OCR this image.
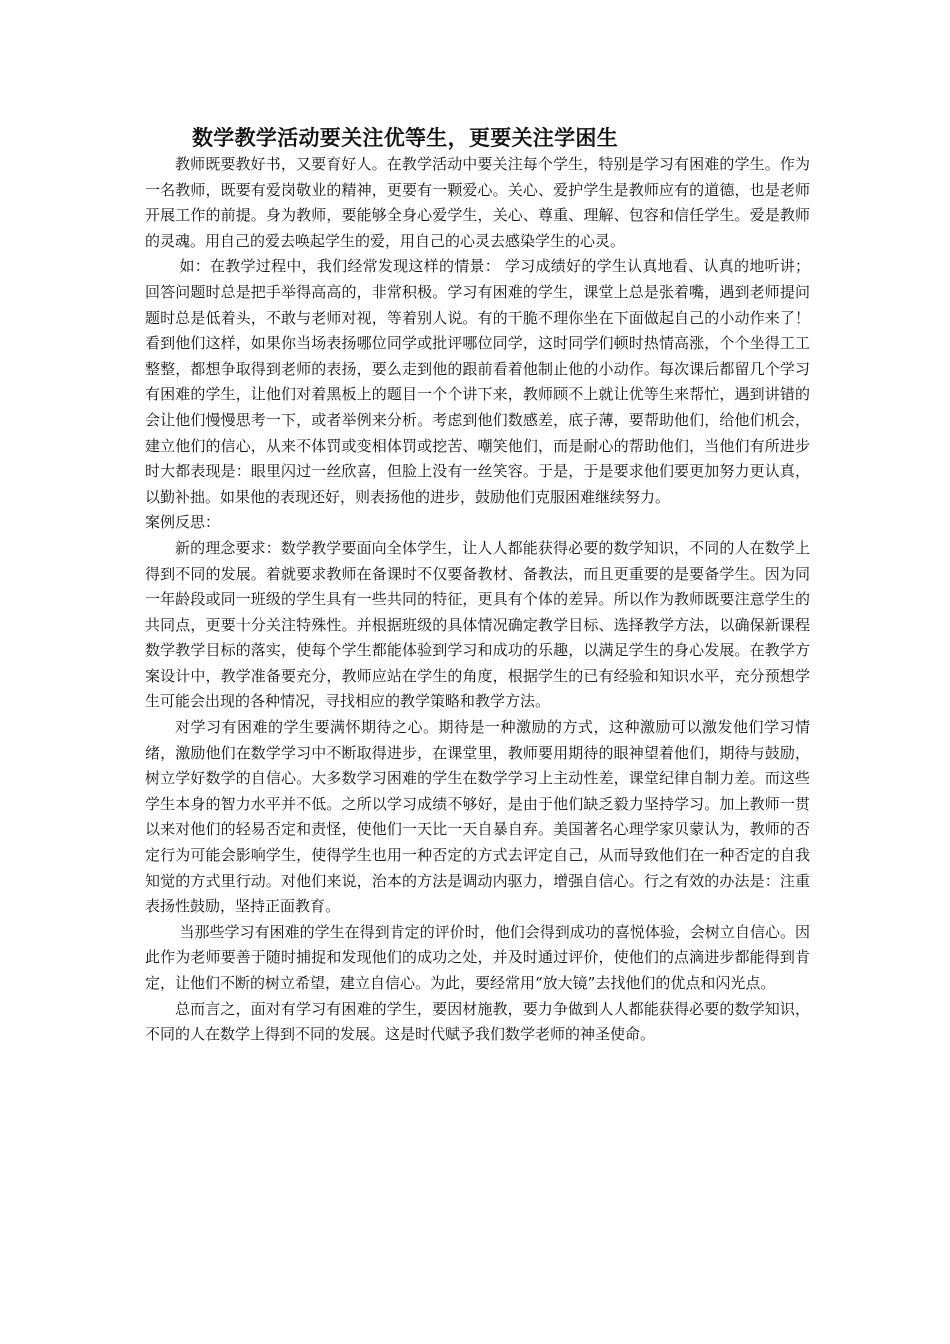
数学教学活动要关注优等生，更要关注学困生

教师既要教好书，又要育好人。在教学活动中要关注每个学生，特别是学习有困难的学生。作为一名教师，既要有爱岗敬业的精神，更要有一颗爱心。关心、爱护学生是教师应有的道德，也是老师开展工作的前提。身为教师，要能够全身心爱学生，关心、尊重、理解、包容和信任学生。爱是教师的灵魂。用自己的爱去唤起学生的爱，用自己的心灵去感染学生的心灵。

如：在教学过程中，我们经常发现这样的情景： 学习成绩好的学生认真地看、认真的地听讲；回答问题时总是把手举得高高的，非常积极。学习有困难的学生，课堂上总是张着嘴，遇到老师提问题时总是低着头，不敢与老师对视，等着别人说。有的干脆不理你坐在下面做起自己的小动作来了！看到他们这样，如果你当场表扬哪位同学或批评哪位同学，这时同学们顿时热情高涨，个个坐得工工整整，都想争取得到老师的表扬，要么走到他的跟前看着他制止他的小动作。每次课后都留几个学习有困难的学生，让他们对着黑板上的题目一个个讲下来，教师顾不上就让优等生来帮忙，遇到讲错的会让他们慢慢思考一下，或者举例来分析。考虑到他们数感差，底子薄，要帮助他们，给他们机会，建立他们的信心，从来不体罚或变相体罚或挖苦、嘲笑他们，而是耐心的帮助他们，当他们有所进步时大都表现是：眼里闪过一丝欣喜，但脸上没有一丝笑容。于是，于是要求他们要更加努力更认真，以勤补拙。如果他的表现还好，则表扬他的进步，鼓励他们克服困难继续努力。

案例反思：

新的理念要求：数学教学要面向全体学生，让人人都能获得必要的数学知识，不同的人在数学上得到不同的发展。着就要求教师在备课时不仅要备教材、备教法，而且更重要的是要备学生。因为同一年龄段或同一班级的学生具有一些共同的特征，更具有个体的差异。所以作为教师既要注意学生的共同点，更要十分关注特殊性。并根据班级的具体情况确定教学目标、选择教学方法，以确保新课程数学教学目标的落实，使每个学生都能体验到学习和成功的乐趣，以满足学生的身心发展。在教学方案设计中，教学准备要充分，教师应站在学生的角度，根据学生的已有经验和知识水平，充分预想学生可能会出现的各种情况，寻找相应的教学策略和教学方法。

对学习有困难的学生要满怀期待之心。期待是一种激励的方式，这种激励可以激发他们学习情绪，激励他们在数学学习中不断取得进步，在课堂里，教师要用期待的眼神望着他们，期待与鼓励，树立学好数学的自信心。大多数学习困难的学生在数学学习上主动性差，课堂纪律自制力差。而这些学生本身的智力水平并不低。之所以学习成绩不够好，是由于他们缺乏毅力坚持学习。加上教师一贯以来对他们的轻易否定和责怪，使他们一天比一天自暴自弃。美国著名心理学家贝蒙认为，教师的否定行为可能会影响学生，使得学生也用一种否定的方式去评定自己，从而导致他们在一种否定的自我知觉的方式里行动。对他们来说，治本的方法是调动内驱力，增强自信心。行之有效的办法是：注重表扬性鼓励，坚持正面教育。

当那些学习有困难的学生在得到肯定的评价时，他们会得到成功的喜悦体验，会树立自信心。因此作为老师要善于随时捕捉和发现他们的成功之处，并及时通过评价，使他们的点滴进步都能得到肯定，让他们不断的树立希望，建立自信心。为此，要经常用“放大镜”去找他们的优点和闪光点。

总而言之，面对有学习有困难的学生，要因材施教，要力争做到人人都能获得必要的数学知识，不同的人在数学上得到不同的发展。这是时代赋予我们数学老师的神圣使命。
